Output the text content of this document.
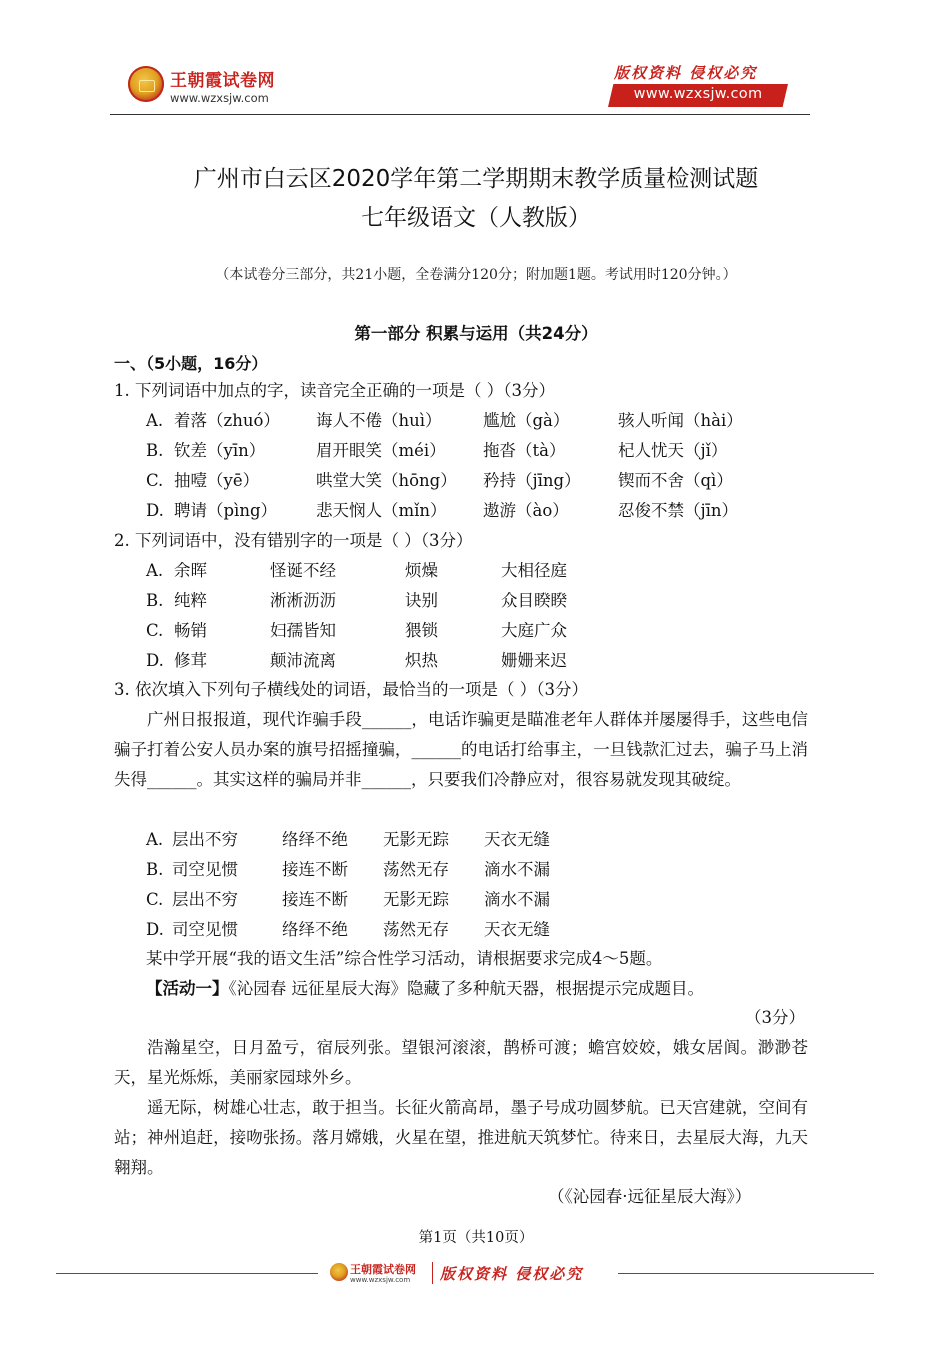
王朝霞试卷网
www.wzxsjw.com
版权资料 侵权必究
www.wzxsjw.com
广州市白云区2020学年第二学期期末教学质量检测试题
七年级语文（人教版）
（本试卷分三部分，共21小题，全卷满分120分；附加题1题。考试用时120分钟。）
第一部分 积累与运用（共24分）
一、（5小题，16分）
1. 下列词语中加点的字，读音完全正确的一项是（ ）（3分）
A. 着落（zhuó） 诲人不倦（huì）	尴尬（gà）	骇人听闻（hài）
B. 钦差（yīn）	眉开眼笑（méi） 拖沓（tà）	杞人忧天（jǐ）
C. 抽噎（yē）	哄堂大笑（hōng） 矜持（jīng） 锲而不舍（qì）
D. 聘请（pìng） 悲天悯人（mǐn） 遨游（ào）	忍俊不禁（jīn）
2. 下列词语中，没有错别字的一项是（ ）（3分）
A. 余晖	怪诞不经	烦燥	大相径庭
B. 纯粹	淅淅沥沥	诀别	众目睽睽
C. 畅销	妇孺皆知	猥锁	大庭广众
D. 修茸	颠沛流离	炽热	姗姗来迟
3. 依次填入下列句子横线处的词语，最恰当的一项是（ ）（3分）
广州日报报道，现代诈骗手段______，电话诈骗更是瞄准老年人群体并屡屡得手，这些电信骗子打着公安人员办案的旗号招摇撞骗，______的电话打给事主，一旦钱款汇过去，骗子马上消失得______。其实这样的骗局并非______，只要我们冷静应对，很容易就发现其破绽。
A. 层出不穷	络绎不绝 无影无踪 天衣无缝
B. 司空见惯	接连不断 荡然无存 滴水不漏
C. 层出不穷	接连不断 无影无踪 滴水不漏
D. 司空见惯	络绎不绝 荡然无存 天衣无缝
某中学开展“我的语文生活”综合性学习活动，请根据要求完成4～5题。
【活动一】《沁园春 远征星辰大海》隐藏了多种航天器，根据提示完成题目。
（3分）
浩瀚星空，日月盈亏，宿辰列张。望银河滚滚，鹊桥可渡；蟾宫姣姣，娥女居阆。渺渺苍天，星光烁烁，美丽家园球外乡。
遥无际，树雄心壮志，敢于担当。长征火箭高昂，墨子号成功圆梦航。已天宫建就，空间有站；神州追赶，接吻张扬。落月嫦娥，火星在望，推进航天筑梦忙。待来日，去星辰大海，九天翱翔。
（《沁园春·远征星辰大海》）
第1页（共10页）
王朝霞试卷网
www.wzxsjw.com 版权资料 侵权必究
